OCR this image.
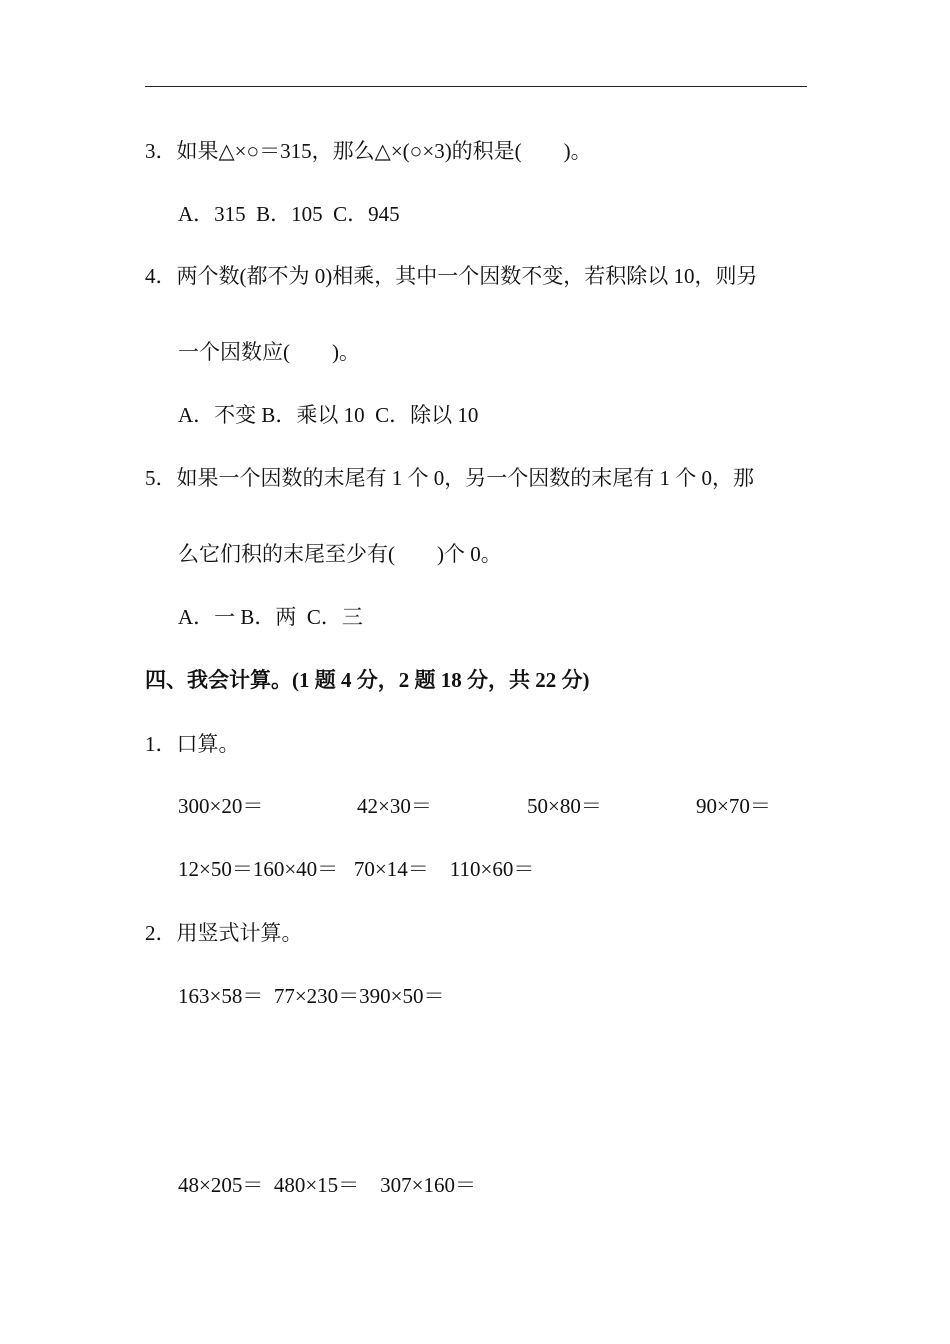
3．如果△×○＝315，那么△×(○×3)的积是(　　)。
A．315  B．105  C．945
4．两个数(都不为 0)相乘，其中一个因数不变，若积除以 10，则另
一个因数应(　　)。
A．不变 B．乘以 10  C．除以 10
5．如果一个因数的末尾有 1 个 0，另一个因数的末尾有 1 个 0，那
么它们积的末尾至少有(　　)个 0。
A．一 B．两  C．三
四、我会计算。(1 题 4 分，2 题 18 分，共 22 分)
1．口算。
300×20＝	42×30＝	50×80＝	90×70＝
12×50＝160×40＝   70×14＝    110×60＝
2．用竖式计算。
163×58＝  77×230＝390×50＝
48×205＝  480×15＝    307×160＝
